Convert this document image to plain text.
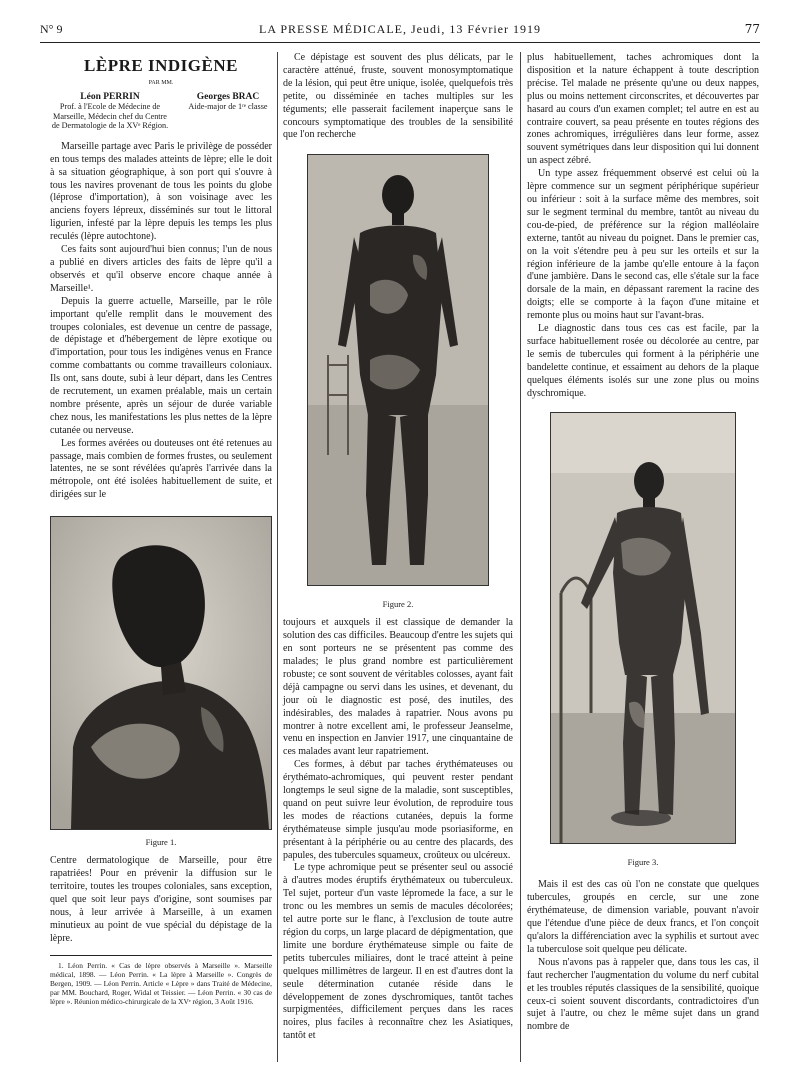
N° 9	LA PRESSE MÉDICALE, Jeudi, 13 Février 1919	77
LÈPRE INDIGÈNE
PAR MM.
Léon PERRIN
Prof. à l'Ecole de Médecine de Marseille, Médecin chef du Centre de Dermatologie de la XVᵉ Région.
Georges BRAC
Aide-major de 1ʳᵉ classe

Marseille partage avec Paris le privilège de posséder en tous temps des malades atteints de lèpre; elle le doit à sa situation géographique, à son port qui s'ouvre à tous les navires provenant de tous les points du globe (léprose d'importation), à son voisinage avec les anciens foyers lépreux, disséminés sur tout le littoral ligurien, infesté par la lèpre depuis les temps les plus reculés (lèpre autochtone).

Ces faits sont aujourd'hui bien connus; l'un de nous a publié en divers articles des faits de lèpre qu'il a observés et qu'il observe encore chaque année à Marseille¹.

Depuis la guerre actuelle, Marseille, par le rôle important qu'elle remplit dans le mouvement des troupes coloniales, est devenue un centre de passage, de dépistage et d'hébergement de lèpre exotique ou d'importation, pour tous les indigènes venus en France comme combattants ou comme travailleurs coloniaux. Ils ont, sans doute, subi à leur départ, dans les Centres de recrutement, un examen préalable, mais un certain nombre présente, après un séjour de durée variable chez nous, les manifestations les plus nettes de la lèpre cutanée ou nerveuse.

Les formes avérées ou douteuses ont été retenues au passage, mais combien de formes frustes, ou seulement latentes, ne se sont révélées qu'après l'arrivée dans la métropole, ont été isolées habituellement de suite, et dirigées sur le

Figure 1.

Centre dermatologique de Marseille, pour être rapatriées! Pour en prévenir la diffusion sur le territoire, toutes les troupes coloniales, sans exception, quel que soit leur pays d'origine, sont soumises par nous, à leur arrivée à Marseille, à un examen minutieux au point de vue spécial du dépistage de la lèpre.

1. Léon Perrin. « Cas de lèpre observés à Marseille ». Marseille médical, 1898. — Léon Perrin. « La lèpre à Marseille ». Congrès de Bergen, 1909. — Léon Perrin. Article « Lèpre » dans Traité de Médecine, par MM. Bouchard, Roger, Widal et Teissier. — Léon Perrin. « 30 cas de lèpre ». Réunion médico-chirurgicale de la XVᵉ région, 3 Août 1916.

Ce dépistage est souvent des plus délicats, par le caractère atténué, fruste, souvent monosymptomatique de la lésion, qui peut être unique, isolée, quelquefois très petite, ou disséminée en taches multiples sur les téguments; elle passerait facilement inaperçue sans le concours symptomatique des troubles de la sensibilité que l'on recherche

Figure 2.

toujours et auxquels il est classique de demander la solution des cas difficiles. Beaucoup d'entre les sujets qui en sont porteurs ne se présentent pas comme des malades; le plus grand nombre est particulièrement robuste; ce sont souvent de véritables colosses, ayant fait déjà campagne ou servi dans les usines, et devenant, du jour où le diagnostic est posé, des inutiles, des indésirables, des malades à rapatrier. Nous avons pu montrer à notre excellent ami, le professeur Jeanselme, venu en inspection en Janvier 1917, une cinquantaine de ces malades avant leur rapatriement.

Ces formes, à début par taches érythémateuses ou érythémato-achromiques, qui peuvent rester pendant longtemps le seul signe de la maladie, sont susceptibles, quand on peut suivre leur évolution, de reproduire tous les modes de réactions cutanées, depuis la forme érythémateuse simple jusqu'au mode psoriasiforme, en présentant à la périphérie ou au centre des placards, des papules, des tubercules squameux, croûteux ou ulcéreux.

Le type achromique peut se présenter seul ou associé à d'autres modes éruptifs érythémateux ou tuberculeux. Tel sujet, porteur d'un vaste lépromede la face, a sur le tronc ou les membres un semis de macules décolorées; tel autre porte sur le flanc, à l'exclusion de toute autre région du corps, un large placard de dépigmentation, que limite une bordure érythémateuse simple ou faite de petits tubercules miliaires, dont le tracé atteint à peine quelques millimètres de largeur. Il en est d'autres dont la seule détermination cutanée réside dans le développement de zones dyschromiques, tantôt taches surpigmentées, difficilement perçues dans les races noires, plus faciles à reconnaître chez les Asiatiques, tantôt et

plus habituellement, taches achromiques dont la disposition et la nature échappent à toute description précise. Tel malade ne présente qu'une ou deux nappes, plus ou moins nettement circonscrites, et découvertes par hasard au cours d'un examen complet; tel autre en est au contraire couvert, sa peau présente en toutes régions des zones achromiques, irrégulières dans leur forme, assez souvent symétriques dans leur disposition qui lui donnent un aspect zébré.

Un type assez fréquemment observé est celui où la lèpre commence sur un segment périphérique supérieur ou inférieur : soit à la surface même des membres, soit sur le segment terminal du membre, tantôt au niveau du cou-de-pied, de préférence sur la région malléolaire externe, tantôt au niveau du poignet. Dans le premier cas, on la voit s'étendre peu à peu sur les orteils et sur la région inférieure de la jambe qu'elle entoure à la façon d'une jambière. Dans le second cas, elle s'étale sur la face dorsale de la main, en dépassant rarement la racine des doigts; elle se comporte à la façon d'une mitaine et remonte plus ou moins haut sur l'avant-bras.

Le diagnostic dans tous ces cas est facile, par la surface habituellement rosée ou décolorée au centre, par le semis de tubercules qui forment à la périphérie une bandelette continue, et essaiment au dehors de la plaque quelques éléments isolés sur une zone plus ou moins dyschromique.

Figure 3.

Mais il est des cas où l'on ne constate que quelques tubercules, groupés en cercle, sur une zone érythémateuse, de dimension variable, pouvant n'avoir que l'étendue d'une pièce de deux francs, et l'on conçoit qu'alors la différenciation avec la syphilis et surtout avec la tuberculose soit quelque peu délicate.

Nous n'avons pas à rappeler que, dans tous les cas, il faut rechercher l'augmentation du volume du nerf cubital et les troubles réputés classiques de la sensibilité, quoique ceux-ci soient souvent discordants, contradictoires d'un sujet à l'autre, ou chez le même sujet dans un grand nombre de
